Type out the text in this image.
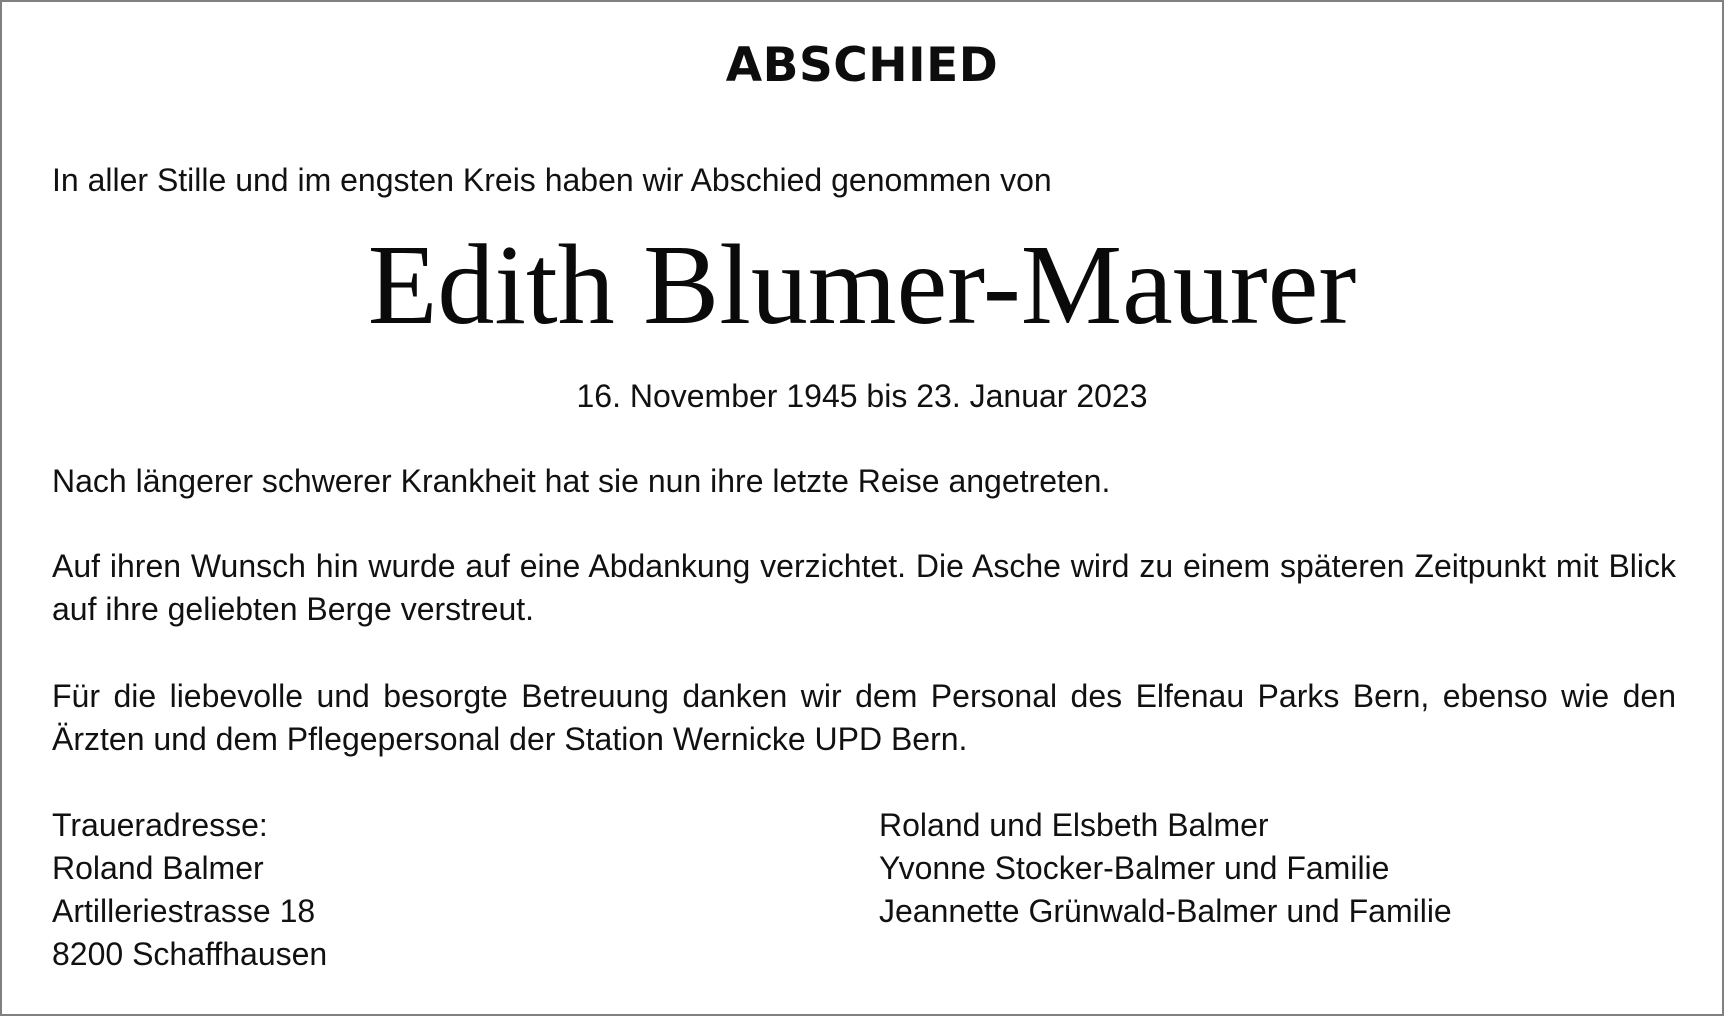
ABSCHIED
In aller Stille und im engsten Kreis haben wir Abschied genommen von
Edith Blumer-Maurer
16. November 1945 bis 23. Januar 2023
Nach längerer schwerer Krankheit hat sie nun ihre letzte Reise angetreten.
Auf ihren Wunsch hin wurde auf eine Abdankung verzichtet. Die Asche wird zu einem späteren Zeitpunkt mit Blick auf ihre geliebten Berge verstreut.
Für die liebevolle und besorgte Betreuung danken wir dem Personal des Elfenau Parks Bern, ebenso wie den Ärzten und dem Pflegepersonal der Station Wernicke UPD Bern.
Traueradresse:
Roland Balmer
Artilleriestrasse 18
8200 Schaffhausen
Roland und Elsbeth Balmer
Yvonne Stocker-Balmer und Familie
Jeannette Grünwald-Balmer und Familie
